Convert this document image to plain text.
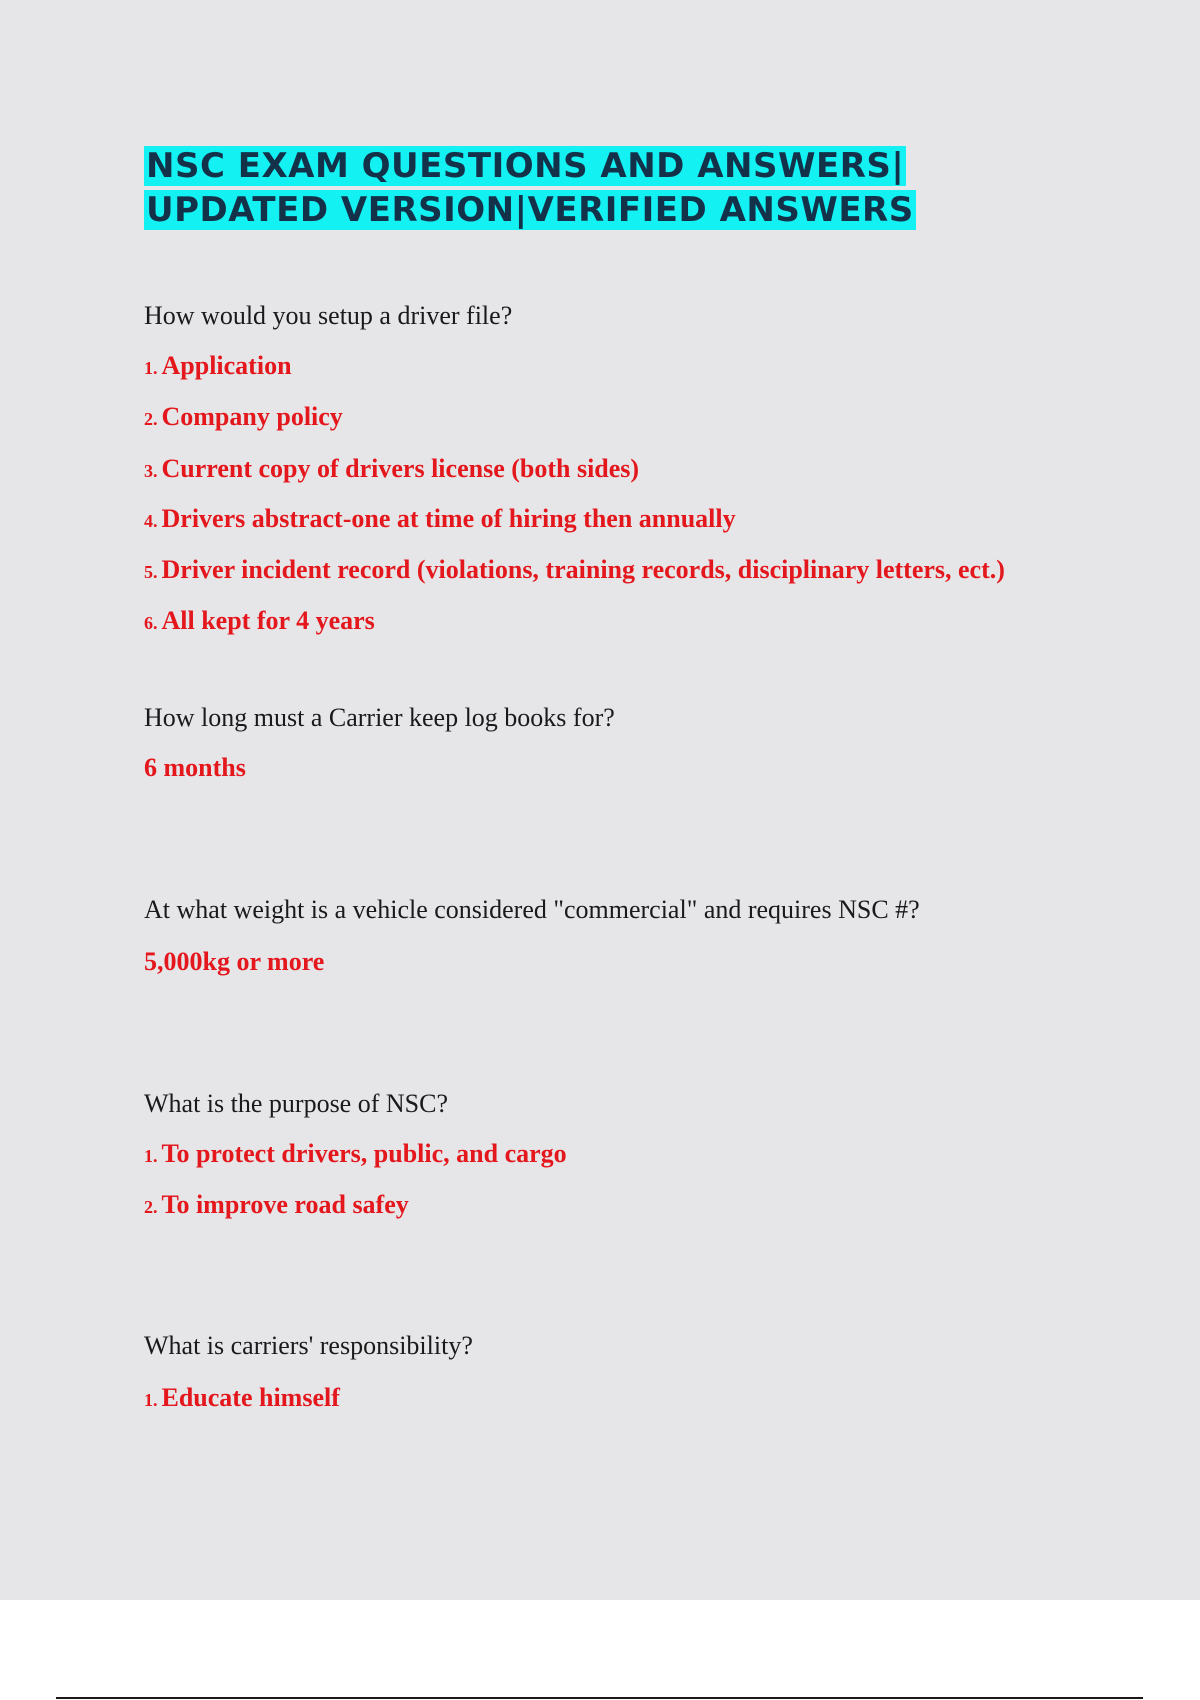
NSC EXAM QUESTIONS AND ANSWERS|
UPDATED VERSION|VERIFIED ANSWERS
How would you setup a driver file?
1. Application
2. Company policy
3. Current copy of drivers license (both sides)
4. Drivers abstract-one at time of hiring then annually
5. Driver incident record (violations, training records, disciplinary letters, ect.)
6. All kept for 4 years
How long must a Carrier keep log books for?
6 months
At what weight is a vehicle considered "commercial" and requires NSC #?
5,000kg or more
What is the purpose of NSC?
1. To protect drivers, public, and cargo
2. To improve road safey
What is carriers' responsibility?
1. Educate himself
